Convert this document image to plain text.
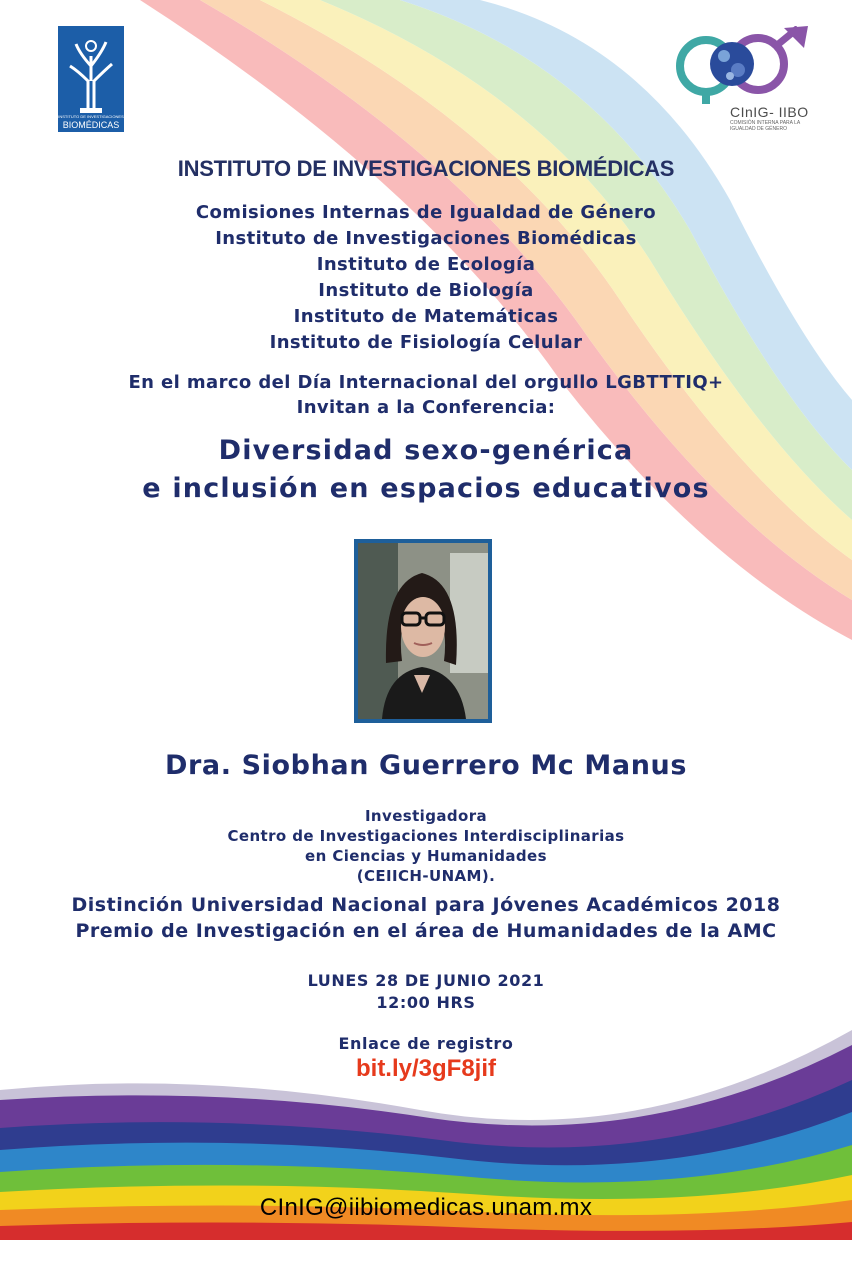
INSTITUTO DE INVESTIGACIONES
BIOMÉDICAS
CInIG- IIBO
COMISIÓN INTERNA PARA LA IGUALDAD DE GÉNERO
INSTITUTO DE INVESTIGACIONES BIOMÉDICAS
Comisiones Internas de Igualdad de Género
Instituto de Investigaciones Biomédicas
Instituto de Ecología
Instituto de Biología
Instituto de Matemáticas
Instituto de Fisiología Celular
En el marco del Día Internacional del orgullo LGBTTTIQ+
Invitan a la Conferencia:
Diversidad sexo-genérica
e inclusión en espacios educativos
Dra. Siobhan Guerrero Mc Manus
Investigadora
Centro de Investigaciones Interdisciplinarias
en Ciencias y Humanidades
(CEIICH-UNAM).
Distinción Universidad Nacional para Jóvenes Académicos 2018
Premio de Investigación en el área de Humanidades de la AMC
LUNES 28 DE JUNIO 2021
12:00 HRS
Enlace de registro
bit.ly/3gF8jif
CInIG@iibiomedicas.unam.mx
